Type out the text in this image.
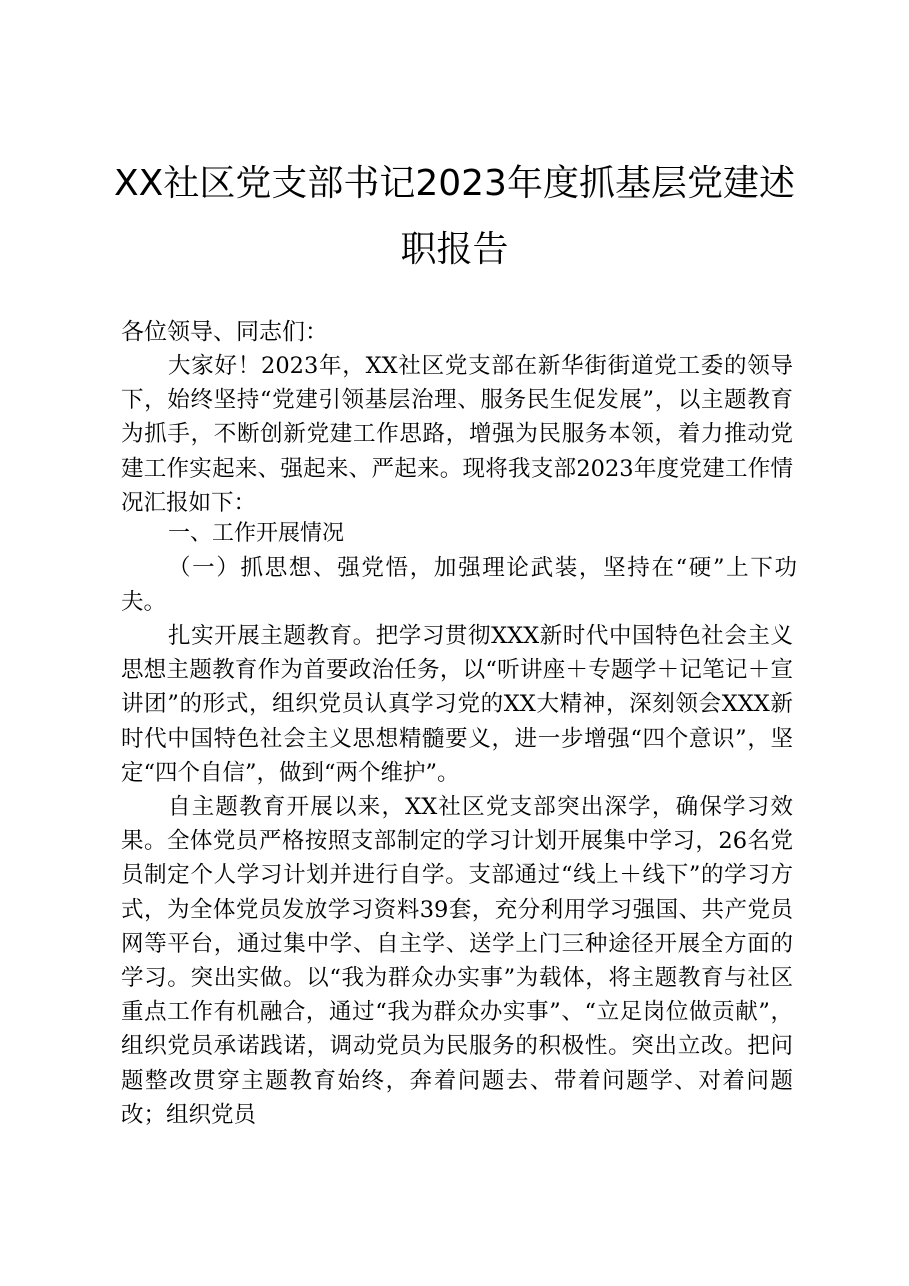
XX社区党支部书记2023年度抓基层党建述
职报告
各位领导、同志们：
大家好！2023年，XX社区党支部在新华街街道党工委的领导下，始终坚持“党建引领基层治理、服务民生促发展”，以主题教育为抓手，不断创新党建工作思路，增强为民服务本领，着力推动党建工作实起来、强起来、严起来。现将我支部2023年度党建工作情况汇报如下：
一、工作开展情况
（一）抓思想、强党悟，加强理论武装，坚持在“硬”上下功夫。
扎实开展主题教育。把学习贯彻XXX新时代中国特色社会主义思想主题教育作为首要政治任务，以“听讲座＋专题学＋记笔记＋宣讲团”的形式，组织党员认真学习党的XX大精神，深刻领会XXX新时代中国特色社会主义思想精髓要义，进一步增强“四个意识”，坚定“四个自信”，做到“两个维护”。
自主题教育开展以来，XX社区党支部突出深学，确保学习效果。全体党员严格按照支部制定的学习计划开展集中学习，26名党员制定个人学习计划并进行自学。支部通过“线上＋线下”的学习方式，为全体党员发放学习资料39套，充分利用学习强国、共产党员网等平台，通过集中学、自主学、送学上门三种途径开展全方面的学习。突出实做。以“我为群众办实事”为载体，将主题教育与社区重点工作有机融合，通过“我为群众办实事”、“立足岗位做贡献”，组织党员承诺践诺，调动党员为民服务的积极性。突出立改。把问题整改贯穿主题教育始终，奔着问题去、带着问题学、对着问题改；组织党员
